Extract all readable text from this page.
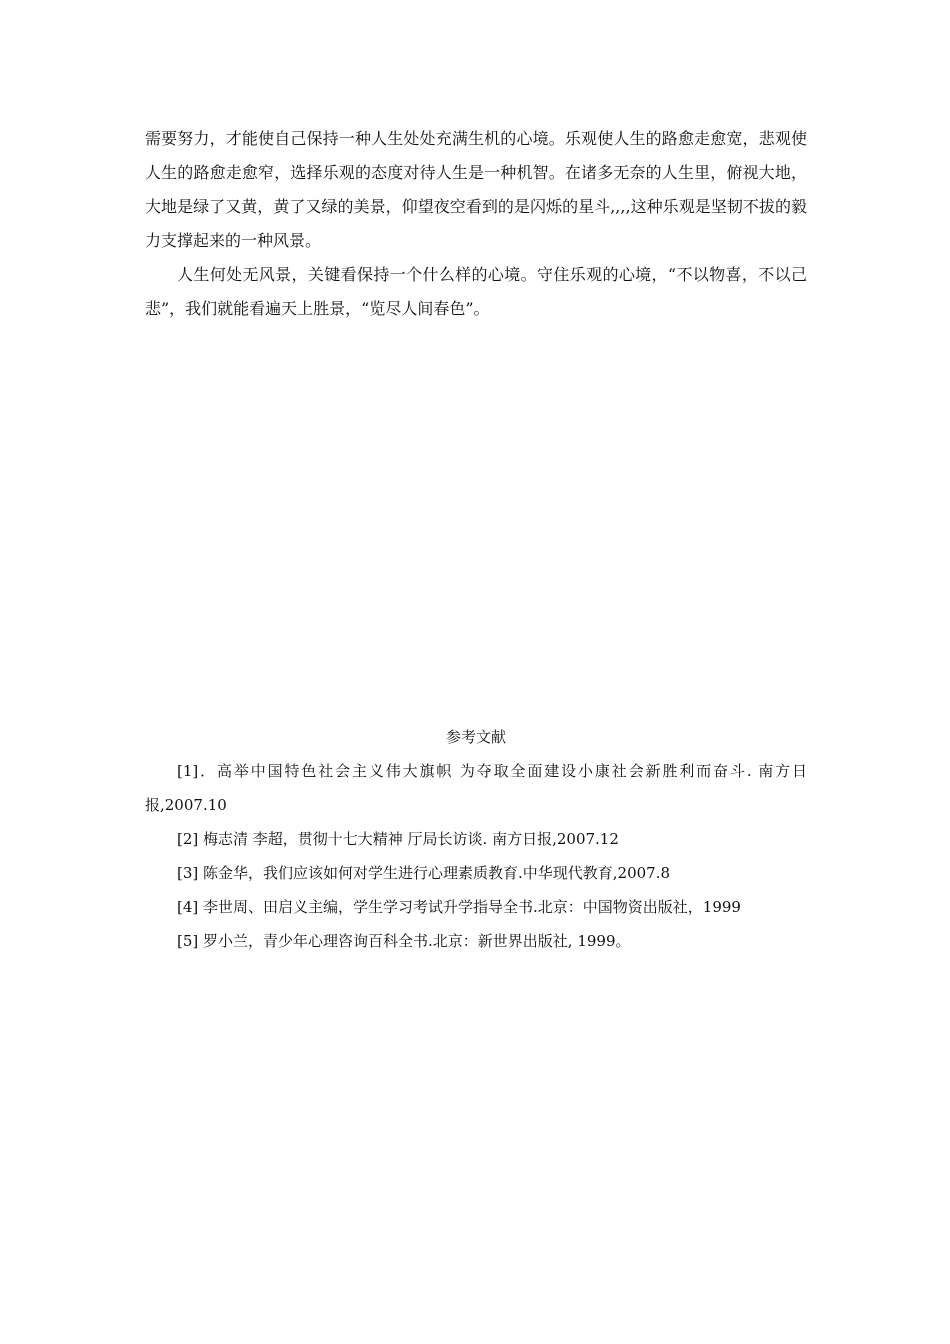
需要努力，才能使自己保持一种人生处处充满生机的心境。乐观使人生的路愈走愈宽，悲观使人生的路愈走愈窄，选择乐观的态度对待人生是一种机智。在诸多无奈的人生里，俯视大地，大地是绿了又黄，黄了又绿的美景，仰望夜空看到的是闪烁的星斗,,,,这种乐观是坚韧不拔的毅力支撑起来的一种风景。

人生何处无风景，关键看保持一个什么样的心境。守住乐观的心境，“不以物喜，不以己悲”，我们就能看遍天上胜景，“览尽人间春色”。

参考文献

[1]．高举中国特色社会主义伟大旗帜 为夺取全面建设小康社会新胜利而奋斗. 南方日报,2007.10
[2] 梅志清 李超，贯彻十七大精神 厅局长访谈. 南方日报,2007.12
[3] 陈金华，我们应该如何对学生进行心理素质教育.中华现代教育,2007.8
[4] 李世周、田启义主编，学生学习考试升学指导全书.北京：中国物资出版社，1999
[5] 罗小兰，青少年心理咨询百科全书.北京：新世界出版社, 1999。
